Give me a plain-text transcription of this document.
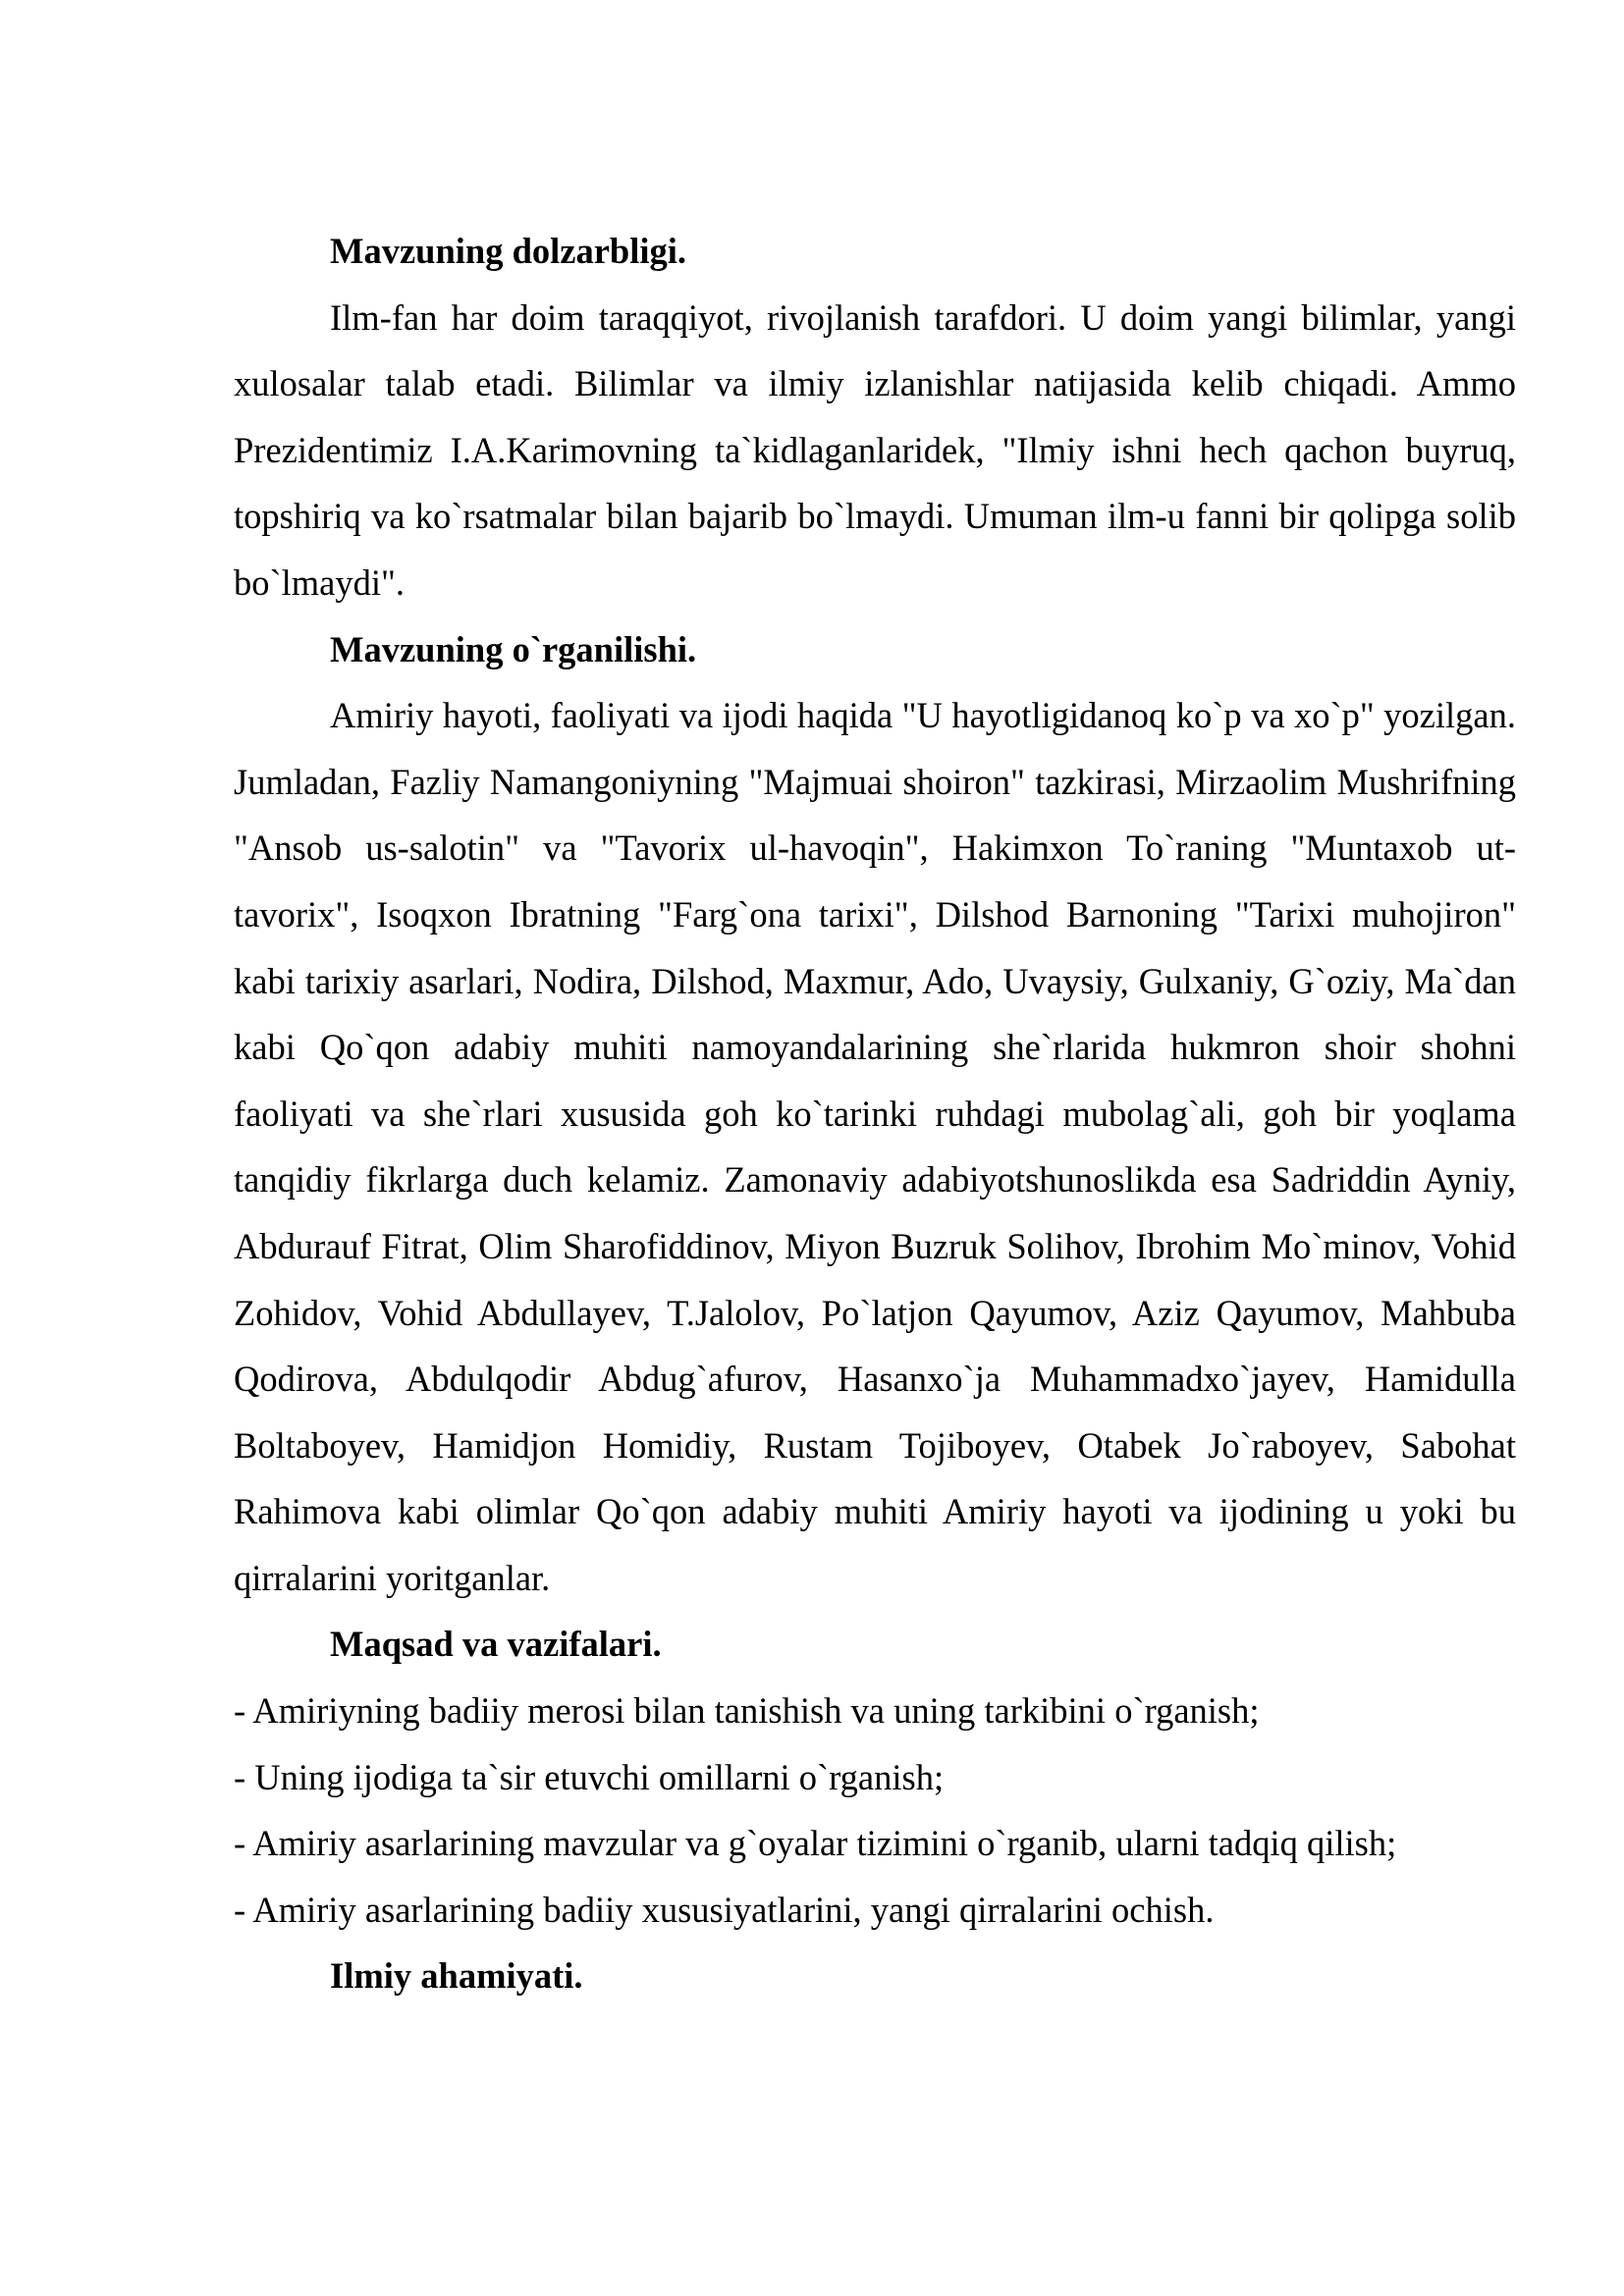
Mavzuning dolzarbligi.

Ilm-fan har doim taraqqiyot, rivojlanish tarafdori. U doim yangi bilimlar, yangi xulosalar talab etadi. Bilimlar va ilmiy izlanishlar natijasida kelib chiqadi. Ammo Prezidentimiz I.A.Karimovning ta`kidlaganlaridek, "Ilmiy ishni hech qachon buyruq, topshiriq va ko`rsatmalar bilan bajarib bo`lmaydi. Umuman ilm-u fanni bir qolipga solib bo`lmaydi".

Mavzuning o`rganilishi.

Amiriy hayoti, faoliyati va ijodi haqida "U hayotligidanoq ko`p va xo`p" yozilgan. Jumladan, Fazliy Namangoniyning "Majmuai shoiron" tazkirasi, Mirzaolim Mushrifning "Ansob us-salotin" va "Tavorix ul-havoqin", Hakimxon To`raning "Muntaxob ut-tavorix", Isoqxon Ibratning "Farg`ona tarixi", Dilshod Barnoning "Tarixi muhojiron" kabi tarixiy asarlari, Nodira, Dilshod, Maxmur, Ado, Uvaysiy, Gulxaniy, G`oziy, Ma`dan kabi Qo`qon adabiy muhiti namoyandalarining she`rlarida hukmron shoir shohni faoliyati va she`rlari xususida goh ko`tarinki ruhdagi mubolag`ali, goh bir yoqlama tanqidiy fikrlarga duch kelamiz. Zamonaviy adabiyotshunoslikda esa Sadriddin Ayniy, Abdurauf Fitrat, Olim Sharofiddinov, Miyon Buzruk Solihov, Ibrohim Mo`minov, Vohid Zohidov, Vohid Abdullayev, T.Jalolov, Po`latjon Qayumov, Aziz Qayumov, Mahbuba Qodirova, Abdulqodir Abdug`afurov, Hasanxo`ja Muhammadxo`jayev, Hamidulla Boltaboyev, Hamidjon Homidiy, Rustam Tojiboyev, Otabek Jo`raboyev, Sabohat Rahimova kabi olimlar Qo`qon adabiy muhiti Amiriy hayoti va ijodining u yoki bu qirralarini yoritganlar.

Maqsad va vazifalari.

- Amiriyning badiiy merosi bilan tanishish va uning tarkibini o`rganish;

- Uning ijodiga ta`sir etuvchi omillarni o`rganish;

- Amiriy asarlarining mavzular va g`oyalar tizimini o`rganib, ularni tadqiq qilish;

- Amiriy asarlarining badiiy xususiyatlarini, yangi qirralarini ochish.

Ilmiy ahamiyati.
